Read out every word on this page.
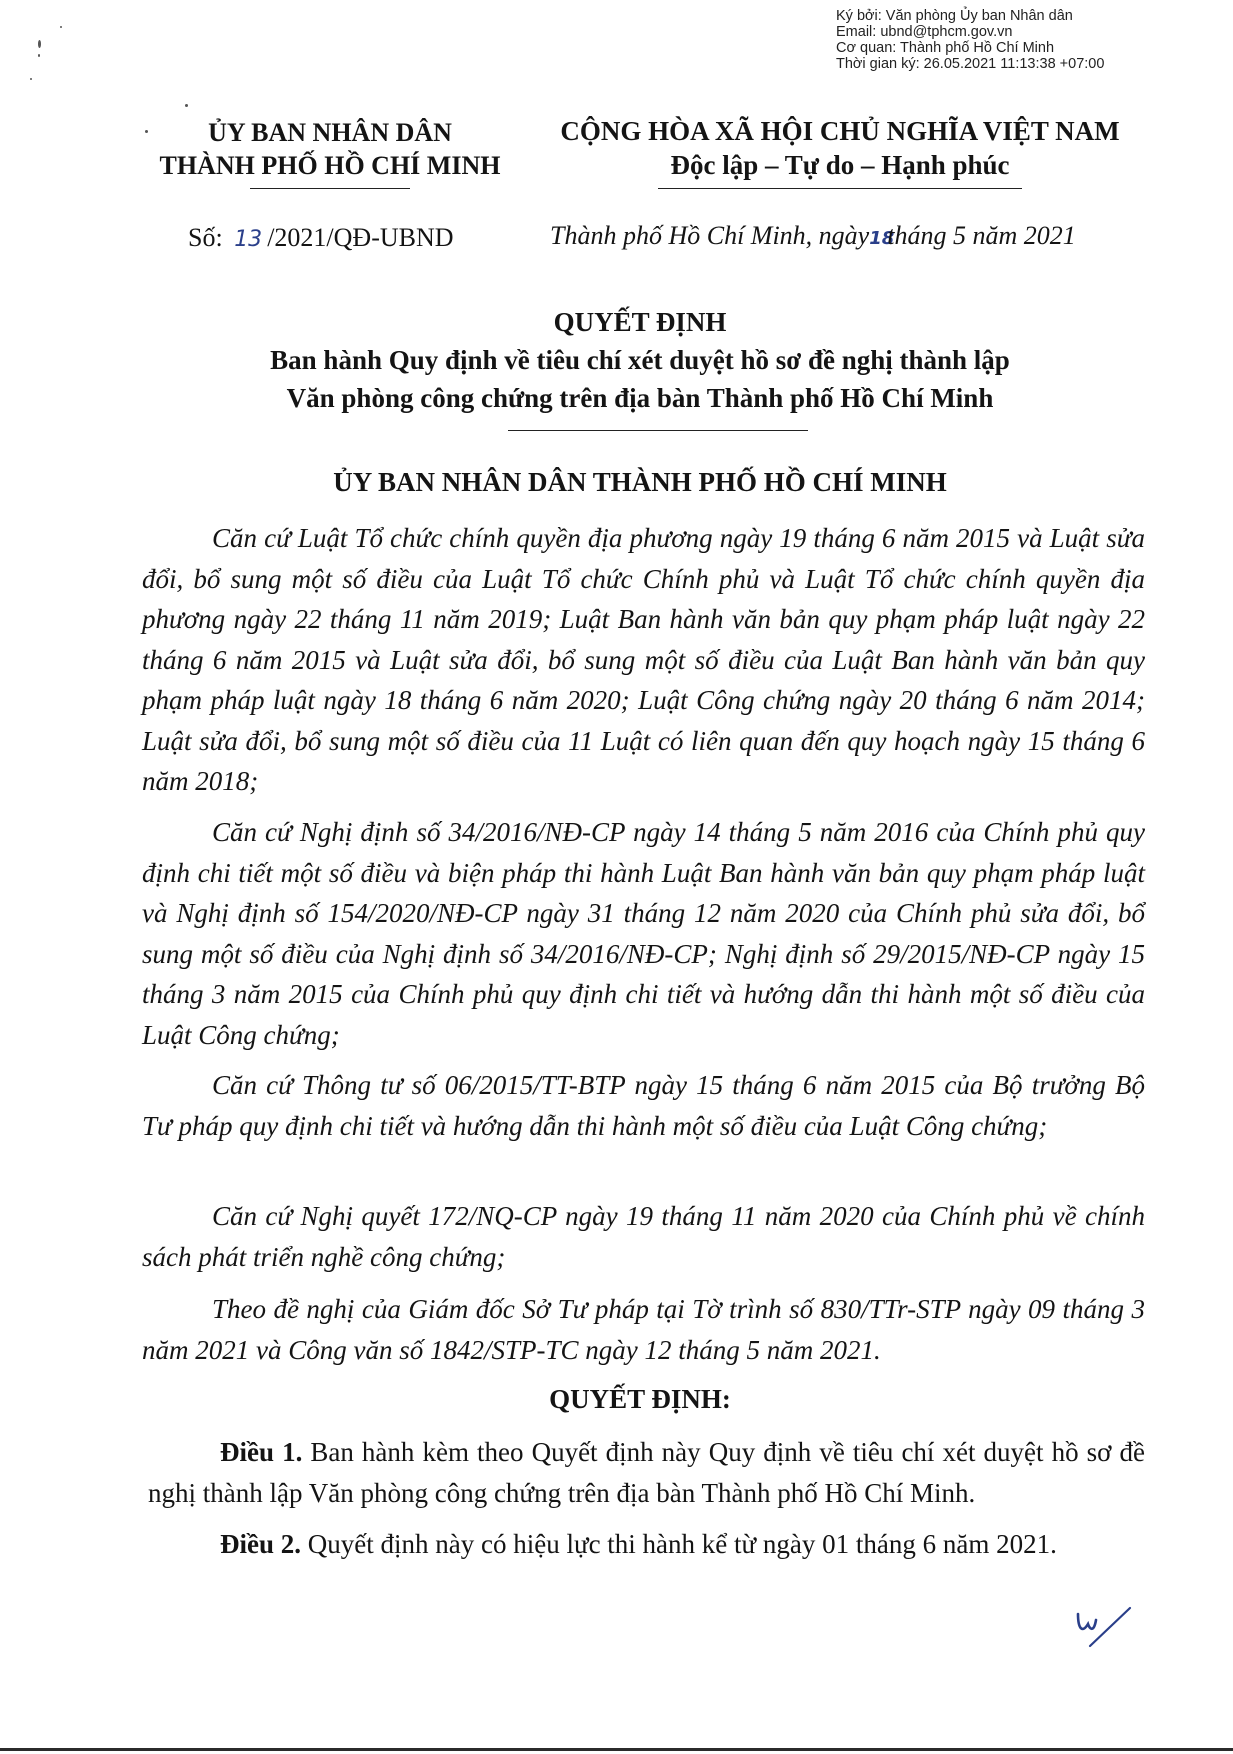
Ký bởi: Văn phòng Ủy ban Nhân dân
Email: ubnd@tphcm.gov.vn
Cơ quan: Thành phố Hồ Chí Minh
Thời gian ký: 26.05.2021 11:13:38 +07:00
ỦY BAN NHÂN DÂN
THÀNH PHỐ HỒ CHÍ MINH
CỘNG HÒA XÃ HỘI CHỦ NGHĨA VIỆT NAM
Độc lập – Tự do – Hạnh phúc
Số: 13 /2021/QĐ-UBND	Thành phố Hồ Chí Minh, ngày18tháng 5 năm 2021
QUYẾT ĐỊNH
Ban hành Quy định về tiêu chí xét duyệt hồ sơ đề nghị thành lập
Văn phòng công chứng trên địa bàn Thành phố Hồ Chí Minh
ỦY BAN NHÂN DÂN THÀNH PHỐ HỒ CHÍ MINH
Căn cứ Luật Tổ chức chính quyền địa phương ngày 19 tháng 6 năm 2015 và Luật sửa đổi, bổ sung một số điều của Luật Tổ chức Chính phủ và Luật Tổ chức chính quyền địa phương ngày 22 tháng 11 năm 2019; Luật Ban hành văn bản quy phạm pháp luật ngày 22 tháng 6 năm 2015 và Luật sửa đổi, bổ sung một số điều của Luật Ban hành văn bản quy phạm pháp luật ngày 18 tháng 6 năm 2020; Luật Công chứng ngày 20 tháng 6 năm 2014; Luật sửa đổi, bổ sung một số điều của 11 Luật có liên quan đến quy hoạch ngày 15 tháng 6 năm 2018;
Căn cứ Nghị định số 34/2016/NĐ-CP ngày 14 tháng 5 năm 2016 của Chính phủ quy định chi tiết một số điều và biện pháp thi hành Luật Ban hành văn bản quy phạm pháp luật và Nghị định số 154/2020/NĐ-CP ngày 31 tháng 12 năm 2020 của Chính phủ sửa đổi, bổ sung một số điều của Nghị định số 34/2016/NĐ-CP; Nghị định số 29/2015/NĐ-CP ngày 15 tháng 3 năm 2015 của Chính phủ quy định chi tiết và hướng dẫn thi hành một số điều của Luật Công chứng;
Căn cứ Thông tư số 06/2015/TT-BTP ngày 15 tháng 6 năm 2015 của Bộ trưởng Bộ Tư pháp quy định chi tiết và hướng dẫn thi hành một số điều của Luật Công chứng;
Căn cứ Nghị quyết 172/NQ-CP ngày 19 tháng 11 năm 2020 của Chính phủ về chính sách phát triển nghề công chứng;
Theo đề nghị của Giám đốc Sở Tư pháp tại Tờ trình số 830/TTr-STP ngày 09 tháng 3 năm 2021 và Công văn số 1842/STP-TC ngày 12 tháng 5 năm 2021.
QUYẾT ĐỊNH:
Điều 1. Ban hành kèm theo Quyết định này Quy định về tiêu chí xét duyệt hồ sơ đề nghị thành lập Văn phòng công chứng trên địa bàn Thành phố Hồ Chí Minh.
Điều 2. Quyết định này có hiệu lực thi hành kể từ ngày 01 tháng 6 năm 2021.
